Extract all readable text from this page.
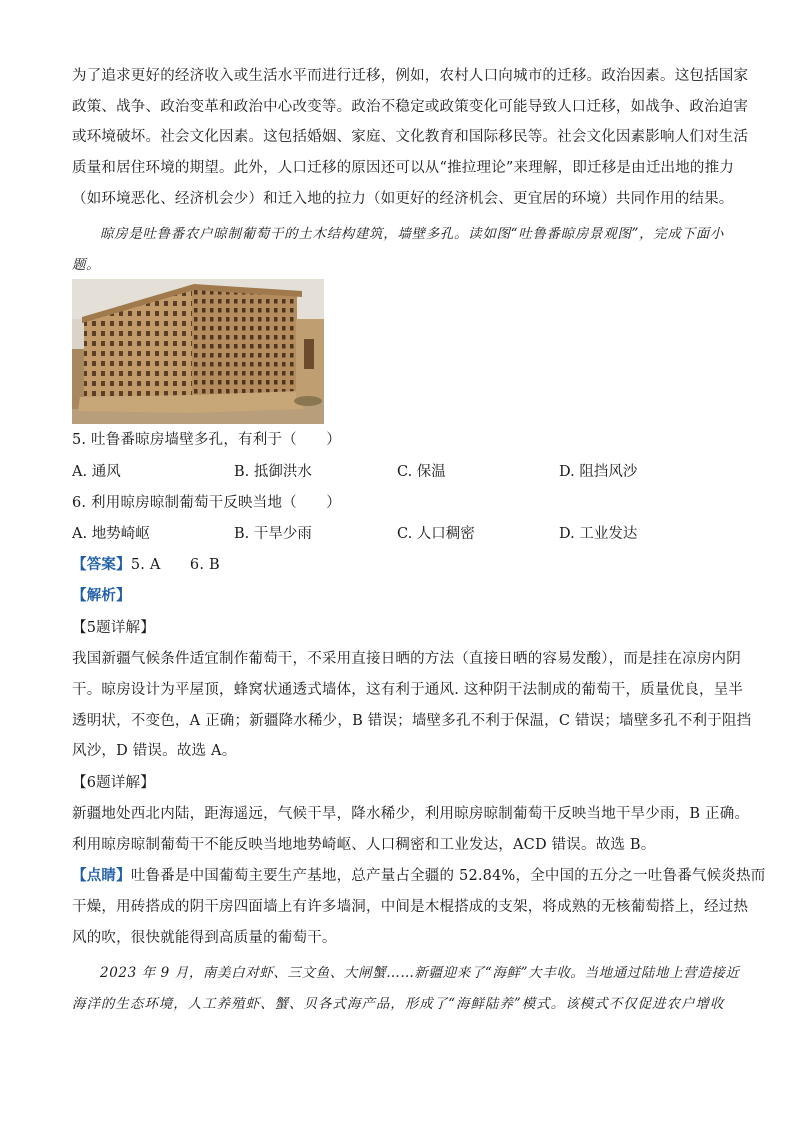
为了追求更好的经济收入或生活水平而进行迁移，例如，农村人口向城市的迁移。政治因素。这包括国家
政策、战争、政治变革和政治中心改变等。政治不稳定或政策变化可能导致人口迁移，如战争、政治迫害
或环境破坏。社会文化因素。这包括婚姻、家庭、文化教育和国际移民等。社会文化因素影响人们对生活
质量和居住环境的期望。此外，人口迁移的原因还可以从“推拉理论”来理解，即迁移是由迁出地的推力
（如环境恶化、经济机会少）和迁入地的拉力（如更好的经济机会、更宜居的环境）共同作用的结果。
晾房是吐鲁番农户晾制葡萄干的土木结构建筑，墙壁多孔。读如图“吐鲁番晾房景观图”，完成下面小
题。
5. 吐鲁番晾房墙壁多孔，有利于（　　）
A. 通风	B. 抵御洪水	C. 保温	D. 阻挡风沙
6. 利用晾房晾制葡萄干反映当地（　　）
A. 地势崎岖	B. 干旱少雨	C. 人口稠密	D. 工业发达
【答案】5. A　　6. B
【解析】
【5题详解】
我国新疆气候条件适宜制作葡萄干，不采用直接日晒的方法（直接日晒的容易发酸），而是挂在凉房内阴
干。晾房设计为平屋顶，蜂窝状通透式墙体，这有利于通风. 这种阴干法制成的葡萄干，质量优良，呈半
透明状，不变色，A 正确；新疆降水稀少，B 错误；墙壁多孔不利于保温，C 错误；墙壁多孔不利于阻挡
风沙，D 错误。故选 A。
【6题详解】
新疆地处西北内陆，距海遥远，气候干旱，降水稀少，利用晾房晾制葡萄干反映当地干旱少雨，B 正确。
利用晾房晾制葡萄干不能反映当地地势崎岖、人口稠密和工业发达，ACD 错误。故选 B。
【点睛】吐鲁番是中国葡萄主要生产基地，总产量占全疆的 52.84%，全中国的五分之一吐鲁番气候炎热而
干燥，用砖搭成的阴干房四面墙上有许多墙洞，中间是木棍搭成的支架，将成熟的无核葡萄搭上，经过热
风的吹，很快就能得到高质量的葡萄干。
2023 年 9 月，南美白对虾、三文鱼、大闸蟹……新疆迎来了“海鲜”大丰收。当地通过陆地上营造接近
海洋的生态环境，人工养殖虾、蟹、贝各式海产品，形成了“海鲜陆养”模式。该模式不仅促进农户增收
